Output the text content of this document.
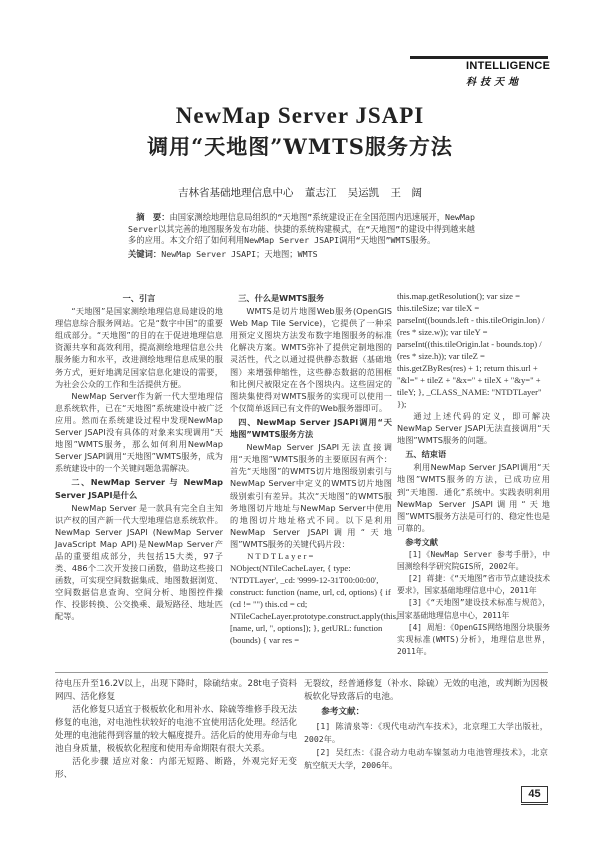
INTELLIGENCE
科技天地
NewMap Server JSAPI
调用“天地图”WMTS服务方法
吉林省基础地理信息中心 董志江 吴运凯 王　阔
摘　要：由国家测绘地理信息局组织的“天地图”系统建设正在全国范围内迅速展开，NewMap Server以其完善的地图服务发布功能、快捷的系统构建模式，在“天地图”的建设中得到越来越多的应用。本文介绍了如何利用NewMap Server JSAPI调用“天地图”WMTS服务。
关键词：NewMap Server JSAPI；天地图；WMTS

一、引言

“天地图”是国家测绘地理信息局建设的地理信息综合服务网站。它是“数字中国”的重要组成部分。“天地图”的目的在于促进地理信息资源共享和高效利用，提高测绘地理信息公共服务能力和水平，改进测绘地理信息成果的服务方式，更好地满足国家信息化建设的需要，为社会公众的工作和生活提供方便。

NewMap Server作为新一代大型地理信息系统软件，已在“天地图”系统建设中被广泛应用。然而在系统建设过程中发现NewMap Server JSAPI没有具体的对象来实现调用“天地图”WMTS服务，那么如何利用NewMap Server JSAPI调用“天地图”WMTS服务，成为系统建设中的一个关键问题急需解决。

二、NewMap Server 与 NewMap Server JSAPI是什么

NewMap Server 是一款具有完全自主知识产权的国产新一代大型地理信息系统软件。NewMap Server JSAPI (NewMap Server JavaScript Map API)是NewMap Server产品的重要组成部分，共包括15大类，97子类、486个二次开发接口函数，借助这些接口函数，可实现空间数据集成、地图数据浏览、空间数据信息查询、空间分析、地图控件操作、投影转换、公交换乘、最短路径、地址匹配等。

三、什么是WMTS服务

WMTS是切片地图Web服务(OpenGIS Web Map Tile Service)，它提供了一种采用预定义图块方法发布数字地图服务的标准化解决方案。WMTS弥补了提供定制地图的灵活性，代之以通过提供静态数据（基础地图）来增强伸缩性，这些静态数据的范围框和比例尺被限定在各个图块内。这些固定的图块集使得对WMTS服务的实现可以使用一个仅简单返回已有文件的Web服务器即可。

四、NewMap Server JSAPI调用“天地图”WMTS服务方法

NewMap Server JSAPI无法直接调用“天地图”WMTS服务的主要原因有两个：首先“天地图”的WMTS切片地图级别索引与NewMap Server中定义的WMTS切片地图级别索引有差异。其次“天地图”的WMTS服务地图切片地址与NewMap Server中使用的地图切片地址格式不同。以下是利用NewMap Server JSAPI调用“天地图”WMTS服务的关键代码片段：

N T D T L a y e r = NObject(NTileCacheLayer, { type: 'NTDTLayer', _cd: '9999-12-31T00:00:00', construct: function (name, url, cd, options) { if (cd != "") this.cd = cd; NTileCacheLayer.prototype.construct.apply(this, [name, url, ", options]); }, getURL: function (bounds) { var res =

this.map.getResolution(); var size = this.tileSize; var tileX = parseInt((bounds.left - this.tileOrigin.lon) / (res * size.w)); var tileY = parseInt((this.tileOrigin.lat - bounds.top) / (res * size.h)); var tileZ = this.getZByRes(res) + 1; return this.url + "&l=" + tileZ + "&x=" + tileX + "&y=" + tileY; }, _CLASS_NAME: "NTDTLayer" });

通过上述代码的定义，即可解决NewMap Server JSAPI无法直接调用“天地图”WMTS服务的问题。

五、结束语

利用NewMap Server JSAPI调用“天地图”WMTS服务的方法，已成功应用到“天地图．通化”系统中。实践表明利用NewMap Server JSAPI调用“天地图”WMTS服务方法是可行的、稳定性也是可靠的。

参考文献

[1]《NewMap Server 参考手册》，中国测绘科学研究院GIS所，2002年。

[2] 蒋捷：《“天地图”省市节点建设技术要求》，国家基础地理信息中心，2011年

[3]《“天地图”建设技术标准与规范》，国家基础地理信息中心，2011年

[4] 周旭：《OpenGIS网络地图分块服务实现标准(WMTS)分析》，地理信息世界，2011年。

待电压升至16.2V以上，出现下降时，除硫结束。28t电子资料网四、活化修复

活化修复只适宜于极板软化和用补水、除硫等维修手段无法修复的电池，对电池性状较好的电池不宜使用活化处理。经活化处理的电池能得到容量的较大幅度提升。活化后的使用寿命与电池自身质量，极板软化程度和使用寿命期限有很大关系。

活化步骤 适应对象：内部无短路、断路，外观完好无变形、

无裂纹，经普通修复（补水、除硫）无效的电池，或判断为因极板软化导致落后的电池。

参考文献：

[1] 陈清泉等：《现代电动汽车技术》，北京理工大学出版社，2002年。

[2] 吴红杰：《混合动力电动车镍氢动力电池管理技术》，北京航空航天大学，2006年。

45
